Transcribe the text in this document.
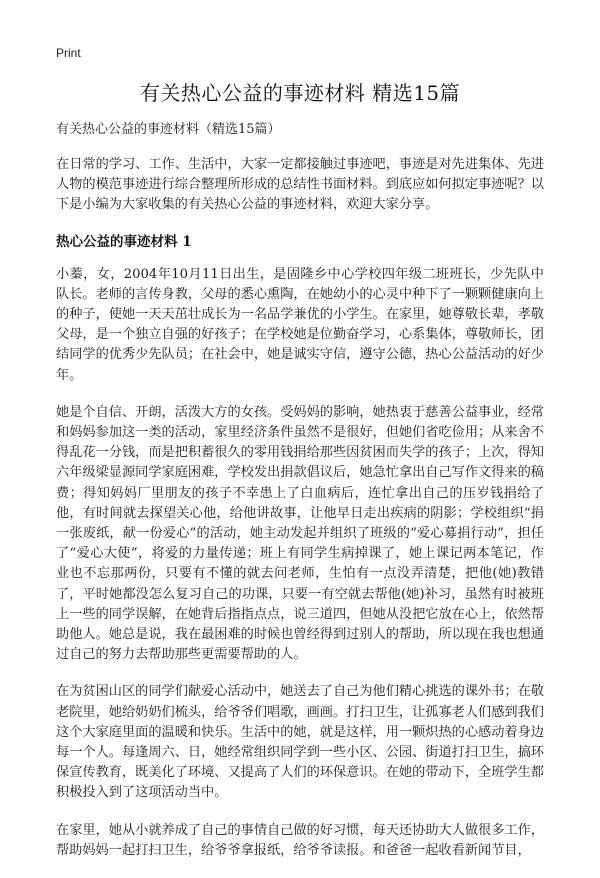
Print
有关热心公益的事迹材料 精选15篇
有关热心公益的事迹材料（精选15篇）

在日常的学习、工作、生活中，大家一定都接触过事迹吧，事迹是对先进集体、先进人物的模范事迹进行综合整理所形成的总结性书面材料。到底应如何拟定事迹呢？以下是小编为大家收集的有关热心公益的事迹材料，欢迎大家分享。

热心公益的事迹材料 1

小蓁，女，2004年10月11日出生，是固隆乡中心学校四年级二班班长，少先队中队长。老师的言传身教，父母的悉心熏陶，在她幼小的心灵中种下了一颗颗健康向上的种子，使她一天天茁壮成长为一名品学兼优的小学生。在家里，她尊敬长辈，孝敬父母，是一个独立自强的好孩子；在学校她是位勤奋学习，心系集体，尊敬师长，团结同学的优秀少先队员；在社会中，她是诚实守信，遵守公德，热心公益活动的好少年。

她是个自信、开朗，活泼大方的女孩。受妈妈的影响，她热衷于慈善公益事业，经常和妈妈参加这一类的活动，家里经济条件虽然不是很好，但她们省吃俭用；从来舍不得乱花一分钱，而是把积蓄很久的零用钱捐给那些因贫困而失学的孩子；上次，得知六年级梁显源同学家庭困难，学校发出捐款倡议后，她急忙拿出自己写作文得来的稿费；得知妈妈厂里朋友的孩子不幸患上了白血病后，连忙拿出自己的压岁钱捐给了他，有时间就去探望关心他，给他讲故事，让他早日走出疾病的阴影；学校组织“捐一张废纸，献一份爱心”的活动，她主动发起并组织了班级的“爱心募捐行动”，担任了“爱心大使”，将爱的力量传递；班上有同学生病掉课了，她上课记两本笔记，作业也不忘那两份，只要有不懂的就去问老师，生怕有一点没弄清楚，把他(她)教错了，平时她都没怎么复习自己的功课，只要一有空就去帮他(她)补习，虽然有时被班上一些的同学误解，在她背后指指点点，说三道四，但她从没把它放在心上，依然帮助他人。她总是说，我在最困难的时候也曾经得到过别人的帮助，所以现在我也想通过自己的努力去帮助那些更需要帮助的人。

在为贫困山区的同学们献爱心活动中，她送去了自己为他们精心挑选的课外书；在敬老院里，她给奶奶们梳头，给爷爷们唱歌，画画。打扫卫生，让孤寡老人们感到我们这个大家庭里面的温暖和快乐。生活中的她，就是这样，用一颗炽热的心感动着身边每一个人。每逢周六、日，她经常组织同学到一些小区、公园、街道打扫卫生，搞环保宣传教育，既美化了环境、又提高了人们的环保意识。在她的带动下，全班学生都积极投入到了这项活动当中。

在家里，她从小就养成了自己的事情自己做的好习惯，每天还协助大人做很多工作，帮助妈妈一起打扫卫生，给爷爷拿报纸，给爷爷读报。和爸爸一起收看新闻节目，
